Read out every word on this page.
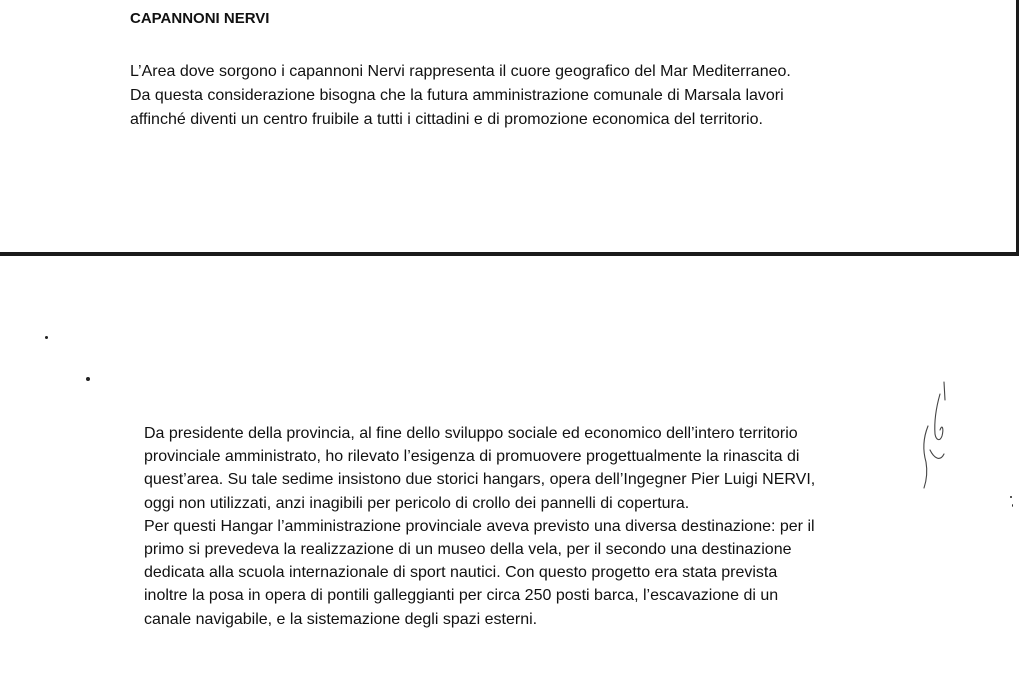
CAPANNONI NERVI

L’Area dove sorgono i capannoni Nervi rappresenta il cuore geografico del Mar Mediterraneo.
Da questa considerazione bisogna che la futura amministrazione comunale di Marsala lavori
affinché diventi un centro fruibile a tutti i cittadini e di promozione economica del territorio.

Da presidente della provincia, al fine dello sviluppo sociale ed economico dell’intero territorio
provinciale amministrato, ho rilevato l’esigenza di promuovere progettualmente la rinascita di
quest’area. Su tale sedime insistono due storici hangars, opera dell’Ingegner Pier Luigi NERVI,
oggi non utilizzati, anzi inagibili per pericolo di crollo dei pannelli di copertura.
Per questi Hangar l’amministrazione provinciale aveva previsto una diversa destinazione: per il
primo si prevedeva la realizzazione di un museo della vela, per il secondo una destinazione
dedicata alla scuola internazionale di sport nautici. Con questo progetto era stata prevista
inoltre la posa in opera di pontili galleggianti per circa 250 posti barca, l’escavazione di un
canale navigabile, e la sistemazione degli spazi esterni.
